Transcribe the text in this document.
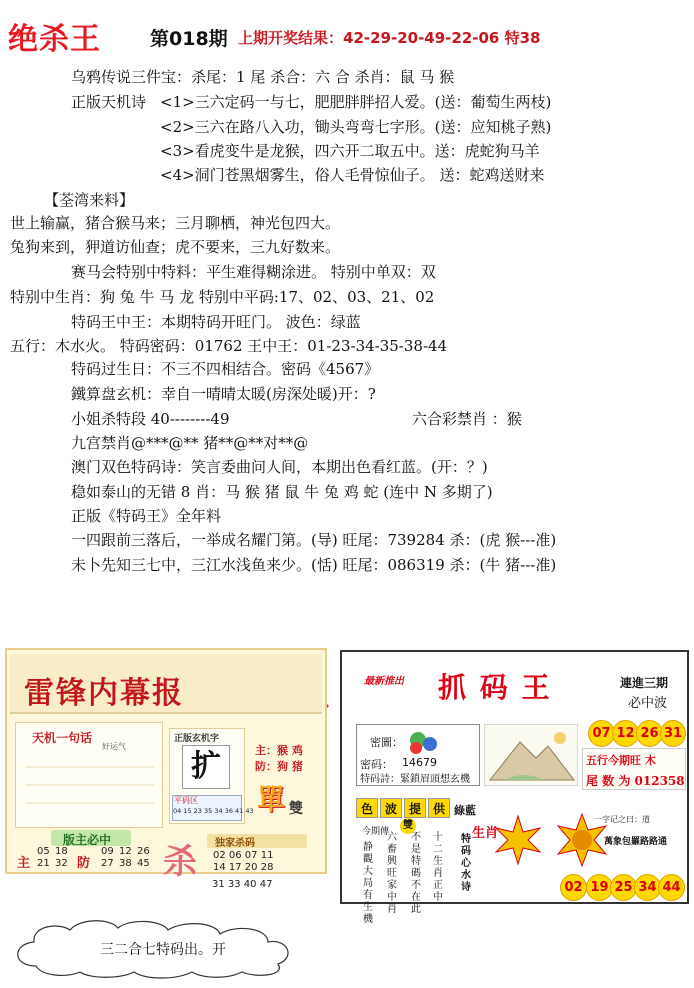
绝杀王	第018期 上期开奖结果：42-29-20-49-22-06 特38
乌鸦传说三件宝：杀尾：1 尾 杀合：六 合 杀肖：鼠 马 猴
正版天机诗 <1>三六定码一与七，肥肥胖胖招人爱。(送：葡萄生两枝)
<2>三六在路八入功，锄头弯弯七字形。(送：应知桃子熟)
<3>看虎变牛是龙猴，四六开二取五中。送：虎蛇狗马羊
<4>洞门苍黑烟雾生，俗人毛骨惊仙子。 送：蛇鸡送财来
【荃湾来料】
世上输赢，猪合猴马来；三月聊栖，神光包四大。
兔狗来到，狎道访仙查；虎不要来，三九好数来。
赛马会特别中特料：平生难得糊涂进。 特别中单双：双
特别中生肖：狗 兔 牛 马 龙 特别中平码:17、02、03、21、02
特码王中王：本期特码开旺门。 波色：绿蓝
五行：木水火。 特码密码：01762 王中王：01-23-34-35-38-44
特码过生日：不三不四相结合。密码《4567》
鐵算盘玄机：幸自一晴晴太暖(房深处暖)开：?
小姐杀特段 40--------49	六合彩禁肖 ：猴
九宫禁肖@***@** 猪**@**对**@
澳门双色特码诗：笑言委曲问人间，本期出色看红蓝。(开：？)
稳如泰山的无错 8 肖：马 猴 猪 鼠 牛 兔 鸡 蛇 (连中 N 多期了)
正版《特码王》全年料
一四跟前三落后，一举成名耀门第。(导) 旺尾：739284 杀：(虎 猴---准)
未卜先知三七中，三江水浅鱼来少。(恬) 旺尾：086319 杀：(牛 猪---准)
雷锋内幕报
天机一句话
好运气
正版玄机字
扩
平码区
04 15 23 35 34 36 41 43
主：猴 鸡
防：狗 猪
單 雙
版主必中
主
05 18
21 32 防
09 12 26
27 38 45 杀 独家杀码
02 06 07 11
14 17 20 28
31 33 40 47
最新推出 抓 码 王	連進三期
必中波
07 12 26 31
五行今期旺 木
尾 数 为 012358
密圖：
密码： 14679
特码詩： 緊鎖眉頭想玄機
色 波 提 供 綠藍
今期傳
雙
静觀大局有生機
六畜興旺家中肖
不是特碼不在此
十二生肖正中
生肖
特码心水诗
一字记之曰：道
萬象包羅路路通
02 19 25 34 44
三二合七特码出。开
